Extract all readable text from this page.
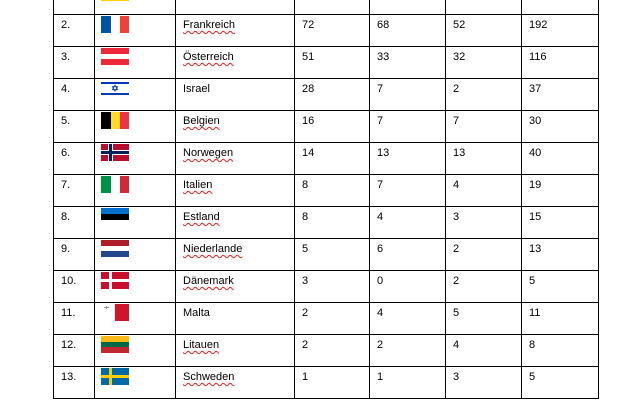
2.		Frankreich	72	68	52	192

3.		Österreich	51	33	32	116

4.		Israel	28	7	2	37

5.		Belgien	16	7	7	30

6.		Norwegen	14	13	13	40

7.		Italien	8	7	4	19

8.		Estland	8	4	3	15

9.		Niederlande	5	6	2	13

10.		Dänemark	3	0	2	5

11.		Malta	2	4	5	11

12.		Litauen	2	2	4	8

13.		Schweden	1	1	3	5
